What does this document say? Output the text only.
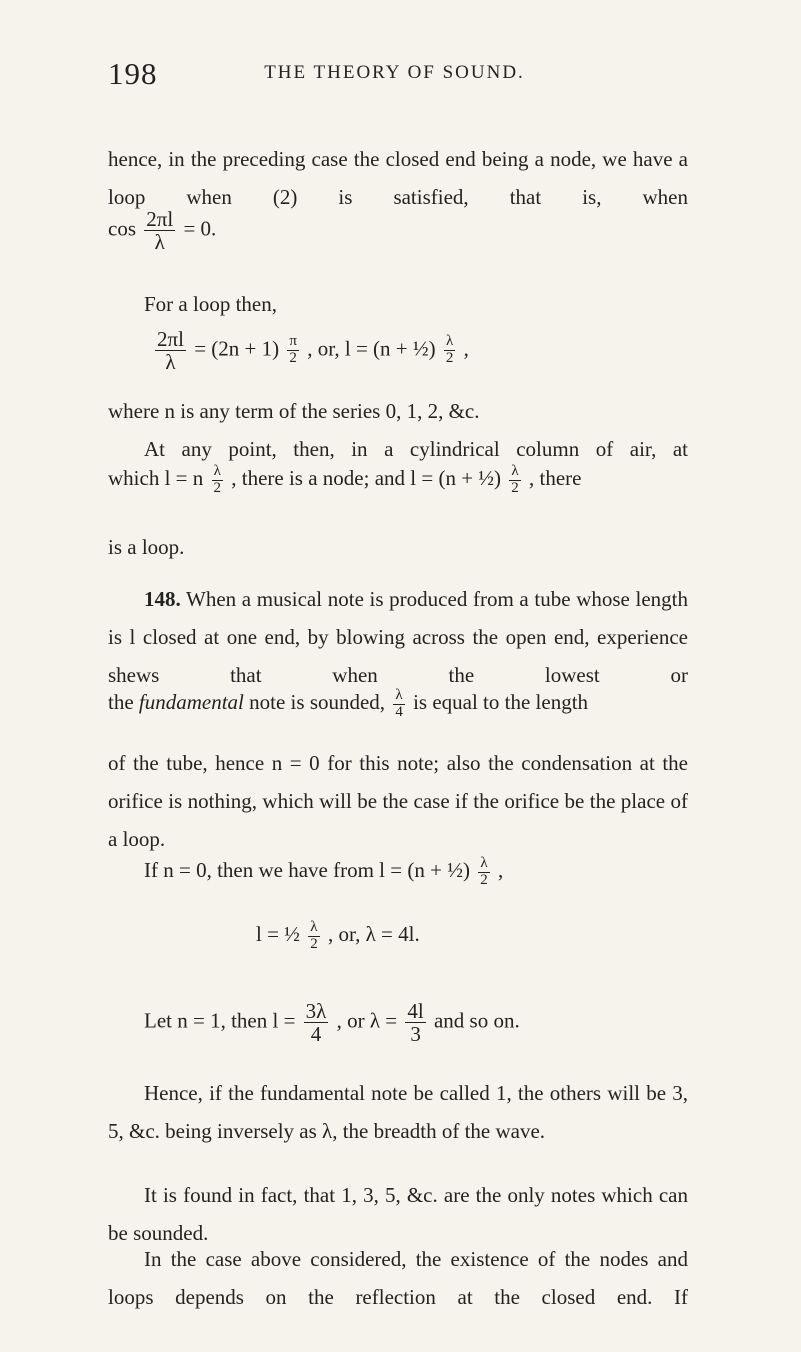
198	THE THEORY OF SOUND.
hence, in the preceding case the closed end being a node, we have a loop when (2) is satisfied, that is, when
$\cos \frac{2\pi l}{\lambda} = 0$.
For a loop then,
$\frac{2\pi l}{\lambda} = (2n + 1) \frac{\pi}{2}$ , or, l = (n + ½) $\frac{\lambda}{2}$ ,
where n is any term of the series 0, 1, 2, &c.
At any point, then, in a cylindrical column of air, at
which l = n $\frac{\lambda}{2}$ , there is a node; and l = (n + ½) $\frac{\lambda}{2}$ , there
is a loop.
148. When a musical note is produced from a tube whose length is l closed at one end, by blowing across the open end, experience shews that when the lowest or
the fundamental note is sounded, $\frac{\lambda}{4}$ is equal to the length
of the tube, hence n = 0 for this note; also the condensation at the orifice is nothing, which will be the case if the orifice be the place of a loop.
If n = 0, then we have from l = (n + ½) $\frac{\lambda}{2}$ ,
l = ½ $\frac{\lambda}{2}$ , or, λ = 4l.
Let n = 1, then $l = \frac{3\lambda}{4}$ , or $\lambda = \frac{4l}{3}$ and so on.
Hence, if the fundamental note be called 1, the others will be 3, 5, &c. being inversely as λ, the breadth of the wave.
It is found in fact, that 1, 3, 5, &c. are the only notes which can be sounded.
In the case above considered, the existence of the nodes and loops depends on the reflection at the closed end. If
